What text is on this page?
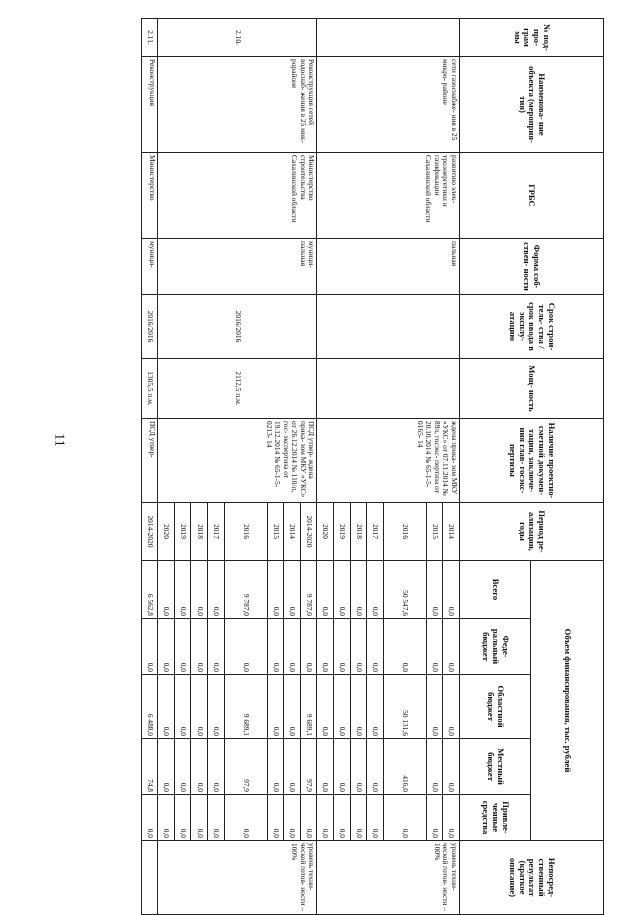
11
№ под- про- грам мы	Наименова- ние объекта (мероприя- тия)	ГРБС	Форма соб- ствен- ности	Срок строи- тель- ства / срок ввода в эксплу- атацию	Мощ- ность	Наличие проектно- сметной докумен- тации, заключе- ния глав- госэкс- пертизы	Период ре- ализации, годы	Объем финансирования, тыс. рублей					Непосред- ственный результат (краткое описание)
								Всего	Феде- ральный бюджет	Областной бюджет	Местный бюджет	Привле- ченные средства	
	сети газоснабже- ния в 25 микро- районе	развитию элек- троэнергетики и газификации Сахалинской области	пальная			ждена прика- зом МКУ «УКС» от 07.11.2014 № 89л, госэкс- пертиза от 20.10.2014 № 65-1-5-0165- 14	2014	0,0	0,0	0,0	0,0	0,0	уровень техни- ческой готов- ности – 100%
							2015	0,0	0,0	0,0	0,0	0,0	
							2016	50 547,6	0,0	50 131,6	416,0	0,0	
							2017	0,0	0,0	0,0	0,0	0,0	
							2018	0,0	0,0	0,0	0,0	0,0	
							2019	0,0	0,0	0,0	0,0	0,0	
							2020	0,0	0,0	0,0	0,0	0,0	
2.10.	Реконструкция сетей водоснаб- жения в 25 мик- рорайоне	Министерство строительства Сахалинской области	муници- пальная	2016/2016	2112,5 п.м.	ПСД утвер- ждена прика- зом МКУ «УКС» от 26.12.2014 № 110/п, гос- экспертиза от 19.12.2014 № 65-1-5-0213- 14	2014-2020	9 787,0	0,0	9 689,1	97,9	0,0	уровень техни- ческой готов- ности – 100%
							2014	0,0	0,0	0,0	0,0	0,0	
							2015	0,0	0,0	0,0	0,0	0,0	
							2016	9 787,0	0,0	9 689,1	97,9	0,0	
							2017	0,0	0,0	0,0	0,0	0,0	
							2018	0,0	0,0	0,0	0,0	0,0	
							2019	0,0	0,0	0,0	0,0	0,0	
							2020	0,0	0,0	0,0	0,0	0,0	
2.11.	Реконструкция	Министерство	муници-	2016/2016	1305,5 п.м.	ПСД утвер-	2014-2020	6 562,8	0,0	6 488,0	74,8	0,0	
